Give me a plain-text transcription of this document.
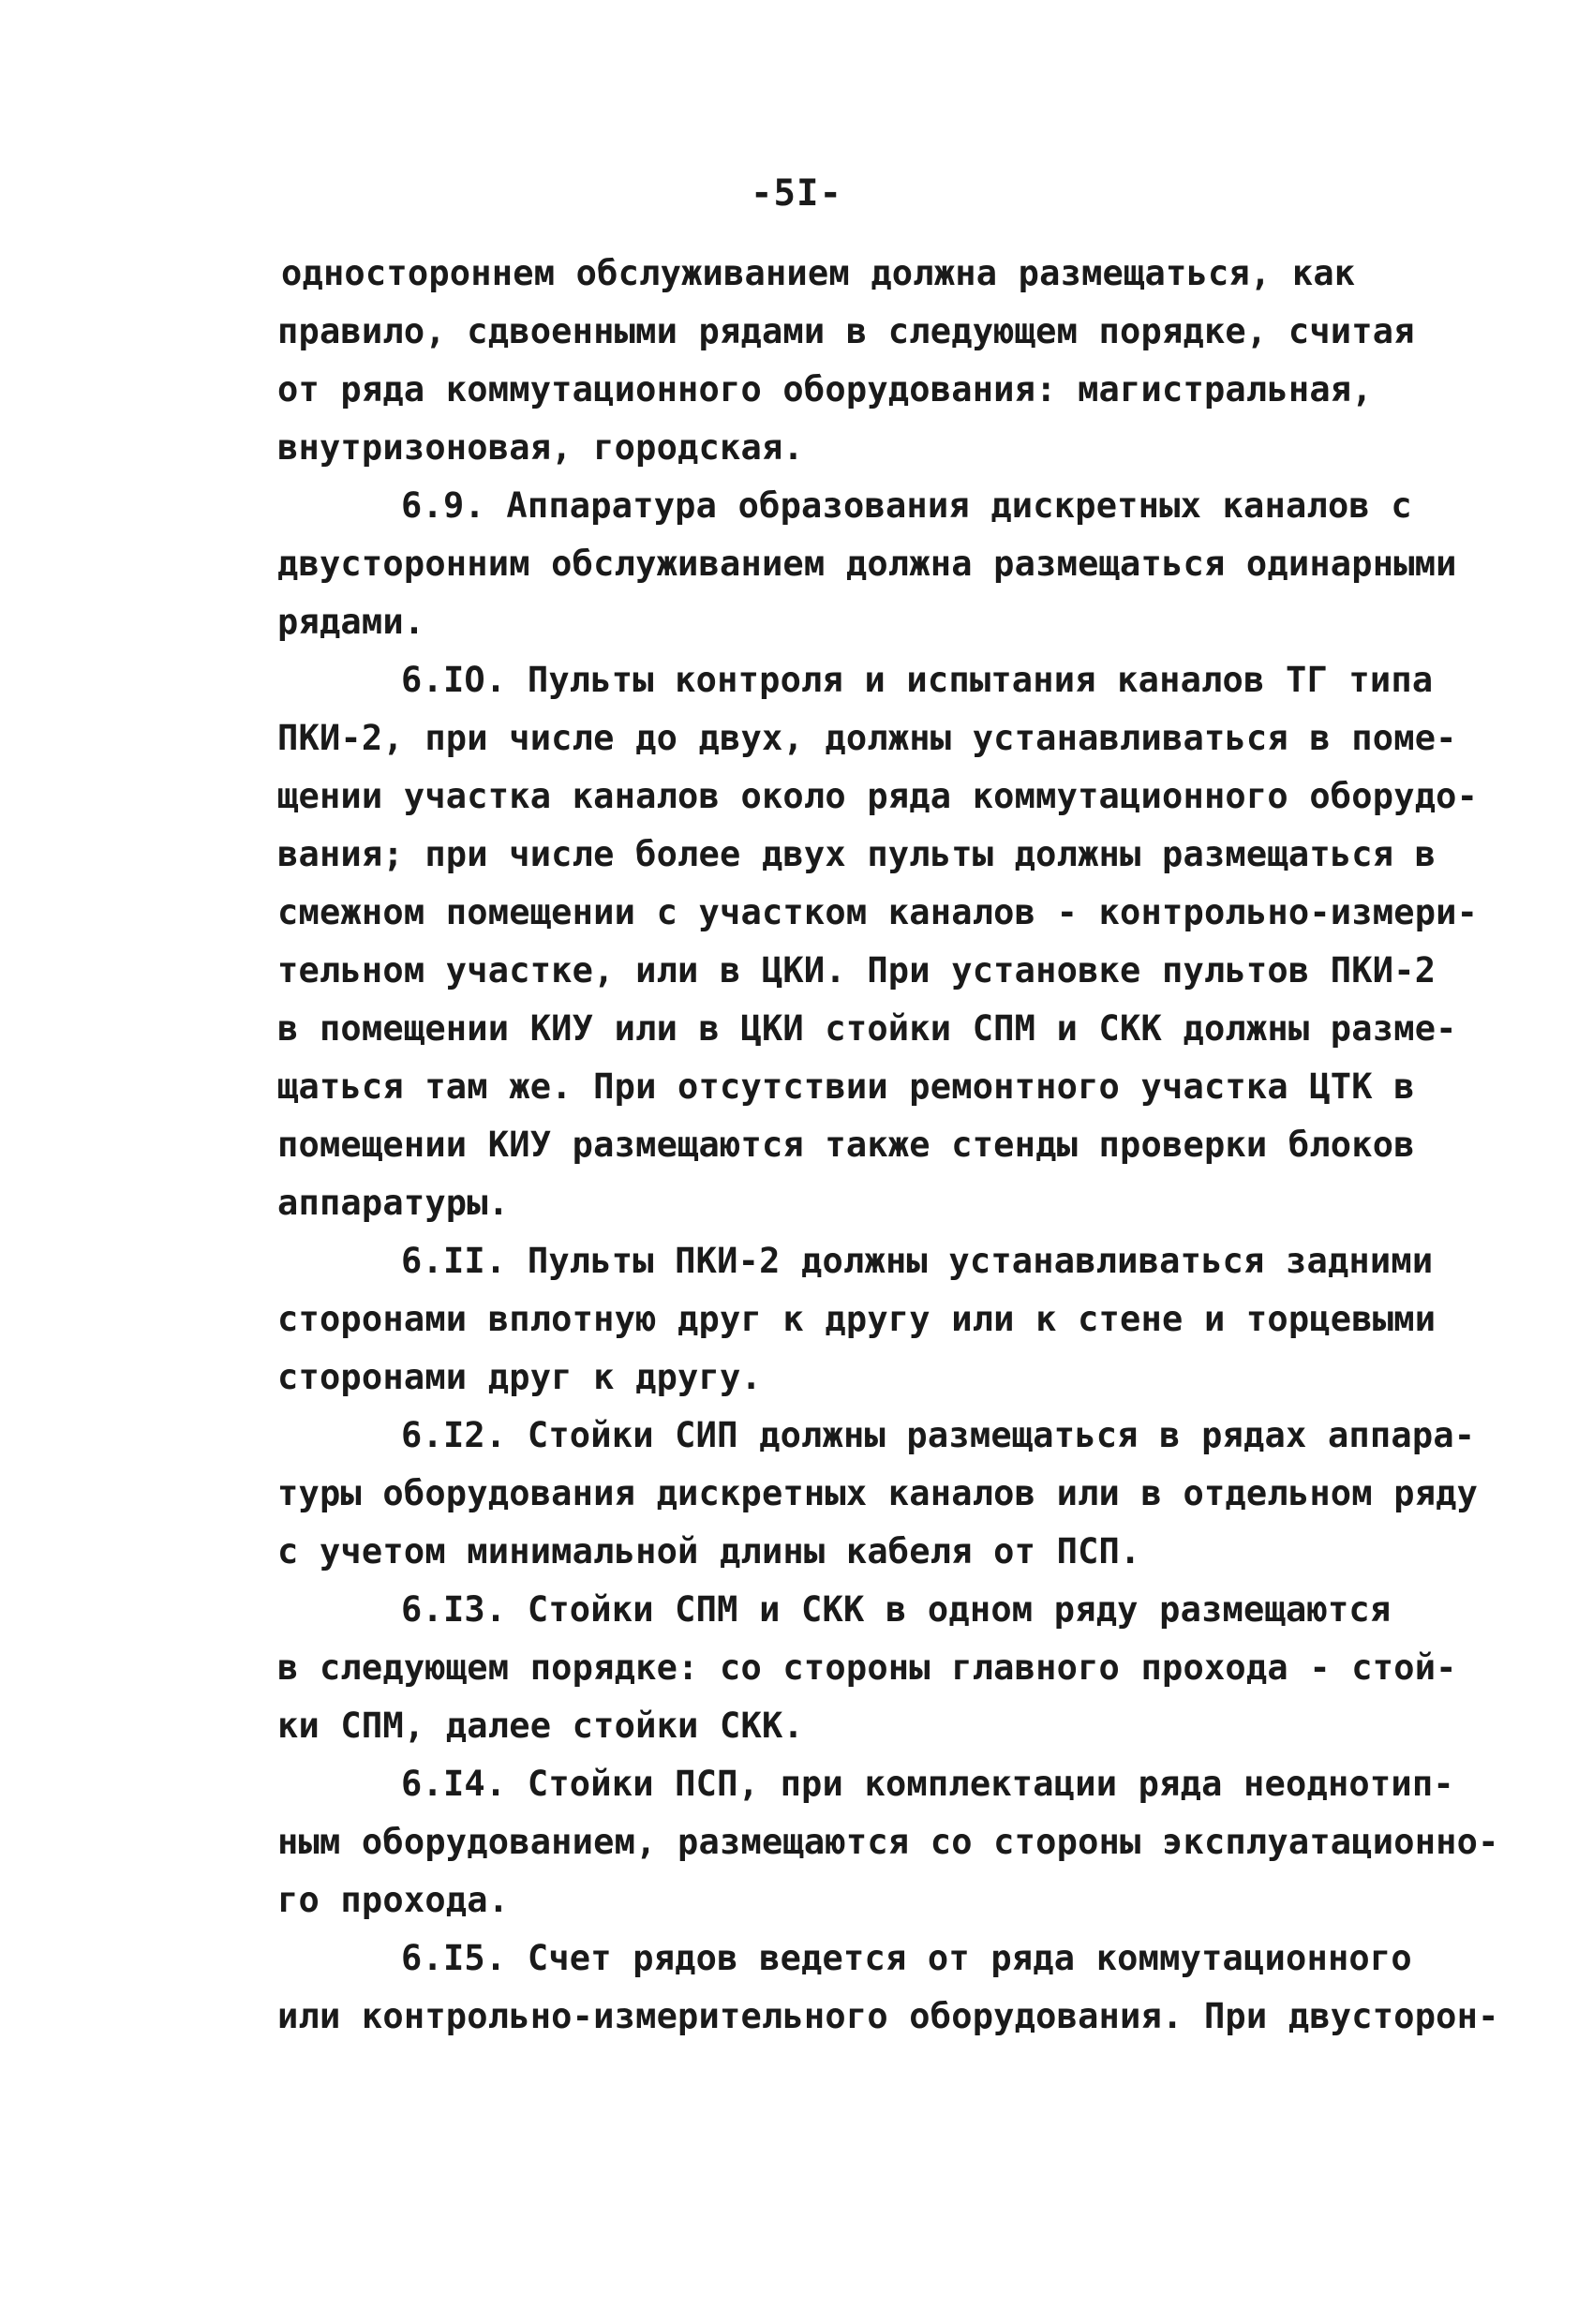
-5I-
одностороннем обслуживанием должна размещаться, как
правило, сдвоенными рядами в следующем порядке, считая
от ряда коммутационного оборудования: магистральная,
внутризоновая, городская.
6.9. Аппаратура образования дискретных каналов с
двусторонним обслуживанием должна размещаться одинарными
рядами.
6.IO. Пульты контроля и испытания каналов ТГ типа
ПКИ-2, при числе до двух, должны устанавливаться в поме-
щении участка каналов около ряда коммутационного оборудо-
вания; при числе более двух пульты должны размещаться в
смежном помещении с участком каналов - контрольно-измери-
тельном участке, или в ЦКИ. При установке пультов ПКИ-2
в помещении КИУ или в ЦКИ стойки СПМ и СКК должны разме-
щаться там же. При отсутствии ремонтного участка ЦТК в
помещении КИУ размещаются также стенды проверки блоков
аппаратуры.
6.II. Пульты ПКИ-2 должны устанавливаться задними
сторонами вплотную друг к другу или к стене и торцевыми
сторонами друг к другу.
6.I2. Стойки СИП должны размещаться в рядах аппара-
туры оборудования дискретных каналов или в отдельном ряду
с учетом минимальной длины кабеля от ПСП.
6.I3. Стойки СПМ и СКК в одном ряду размещаются
в следующем порядке: со стороны главного прохода - стой-
ки СПМ, далее стойки СКК.
6.I4. Стойки ПСП, при комплектации ряда неоднотип-
ным оборудованием, размещаются со стороны эксплуатационно-
го прохода.
6.I5. Счет рядов ведется от ряда коммутационного
или контрольно-измерительного оборудования. При двусторон-
